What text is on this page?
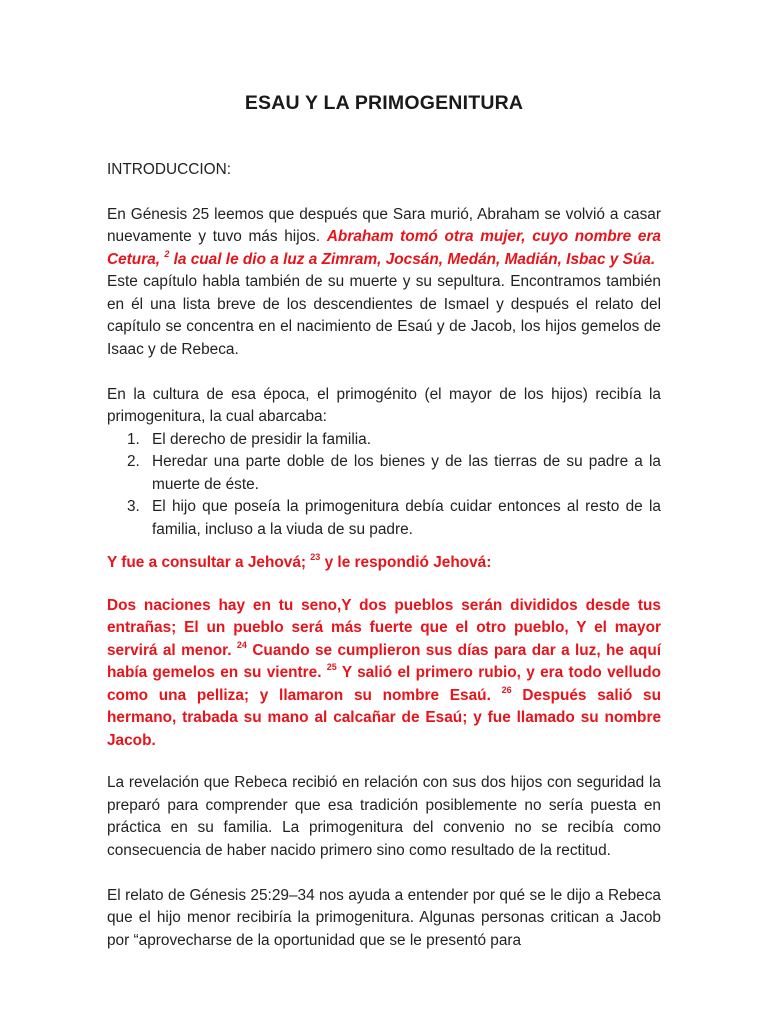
ESAU Y LA PRIMOGENITURA

INTRODUCCION:

En Génesis 25 leemos que después que Sara murió, Abraham se volvió a casar nuevamente y tuvo más hijos. Abraham tomó otra mujer, cuyo nombre era Cetura, $^2$ la cual le dio a luz a Zimram, Jocsán, Medán, Madián, Isbac y Súa.

Este capítulo habla también de su muerte y su sepultura. Encontramos también en él una lista breve de los descendientes de Ismael y después el relato del capítulo se concentra en el nacimiento de Esaú y de Jacob, los hijos gemelos de Isaac y de Rebeca.

En la cultura de esa época, el primogénito (el mayor de los hijos) recibía la primogenitura, la cual abarcaba:

1. El derecho de presidir la familia.
2. Heredar una parte doble de los bienes y de las tierras de su padre a la muerte de éste.
3. El hijo que poseía la primogenitura debía cuidar entonces al resto de la familia, incluso a la viuda de su padre.

Y fue a consultar a Jehová; $^{23}$ y le respondió Jehová:

Dos naciones hay en tu seno,Y dos pueblos serán divididos desde tus entrañas; El un pueblo será más fuerte que el otro pueblo, Y el mayor servirá al menor. $^{24}$ Cuando se cumplieron sus días para dar a luz, he aquí había gemelos en su vientre. $^{25}$ Y salió el primero rubio, y era todo velludo como una pelliza; y llamaron su nombre Esaú. $^{26}$ Después salió su hermano, trabada su mano al calcañar de Esaú; y fue llamado su nombre Jacob.

La revelación que Rebeca recibió en relación con sus dos hijos con seguridad la preparó para comprender que esa tradición posiblemente no sería puesta en práctica en su familia. La primogenitura del convenio no se recibía como consecuencia de haber nacido primero sino como resultado de la rectitud.

El relato de Génesis 25:29–34 nos ayuda a entender por qué se le dijo a Rebeca que el hijo menor recibiría la primogenitura. Algunas personas critican a Jacob por “aprovecharse de la oportunidad que se le presentó para
